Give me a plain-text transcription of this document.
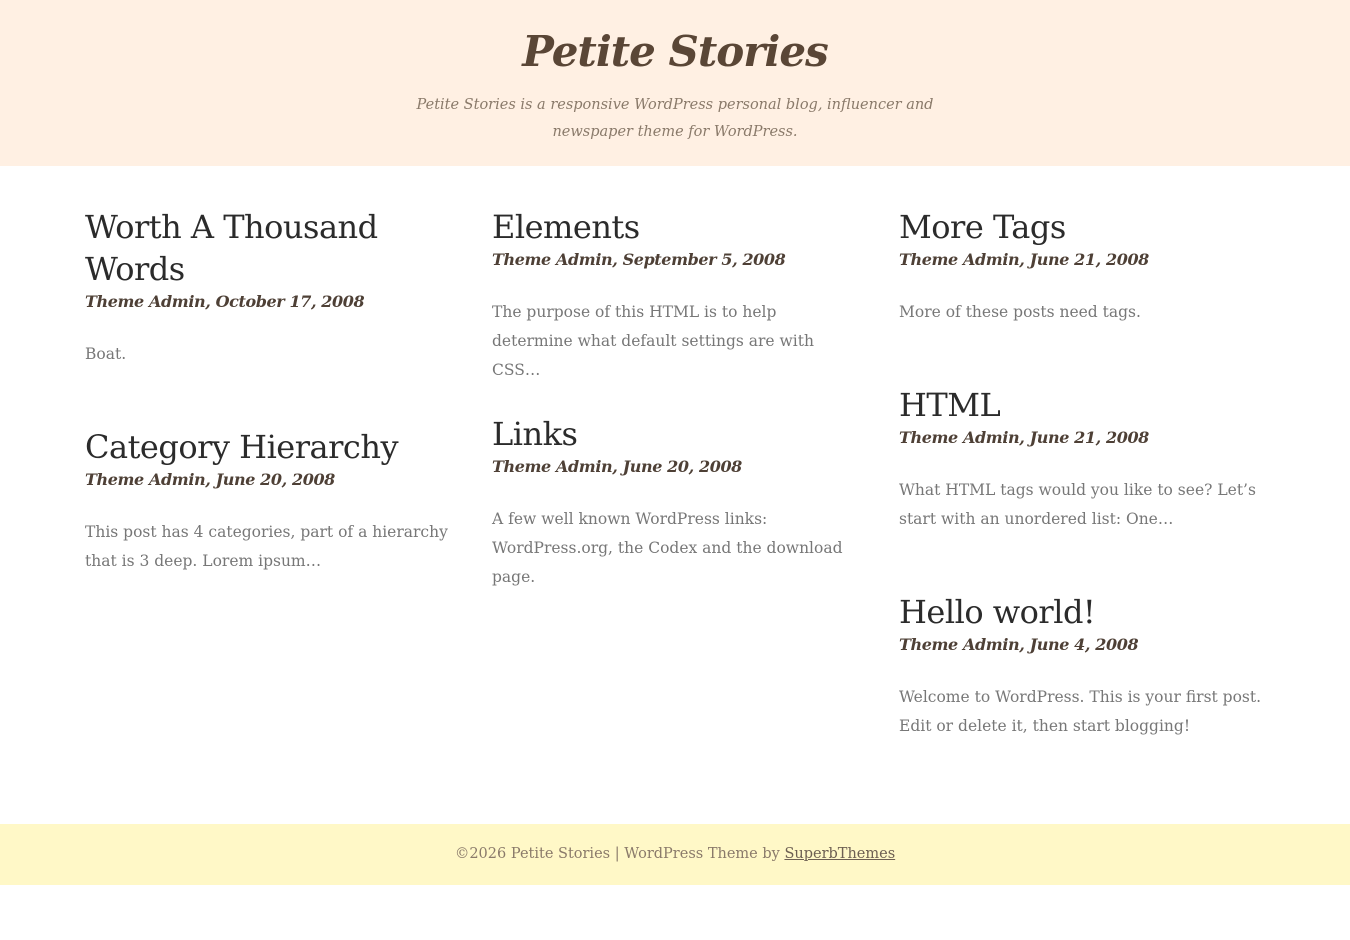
Petite Stories

Petite Stories is a responsive WordPress personal blog, influencer and newspaper theme for WordPress.

Worth A Thousand Words

Theme Admin, October 17, 2008

Boat.

Category Hierarchy

Theme Admin, June 20, 2008

This post has 4 categories, part of a hierarchy that is 3 deep. Lorem ipsum…

Elements

Theme Admin, September 5, 2008

The purpose of this HTML is to help determine what default settings are with CSS…

Links

Theme Admin, June 20, 2008

A few well known WordPress links: WordPress.org, the Codex and the download page.

More Tags

Theme Admin, June 21, 2008

More of these posts need tags.

HTML

Theme Admin, June 21, 2008

What HTML tags would you like to see? Let’s start with an unordered list: One…

Hello world!

Theme Admin, June 4, 2008

Welcome to WordPress. This is your first post. Edit or delete it, then start blogging!

©2026 Petite Stories | WordPress Theme by SuperbThemes
